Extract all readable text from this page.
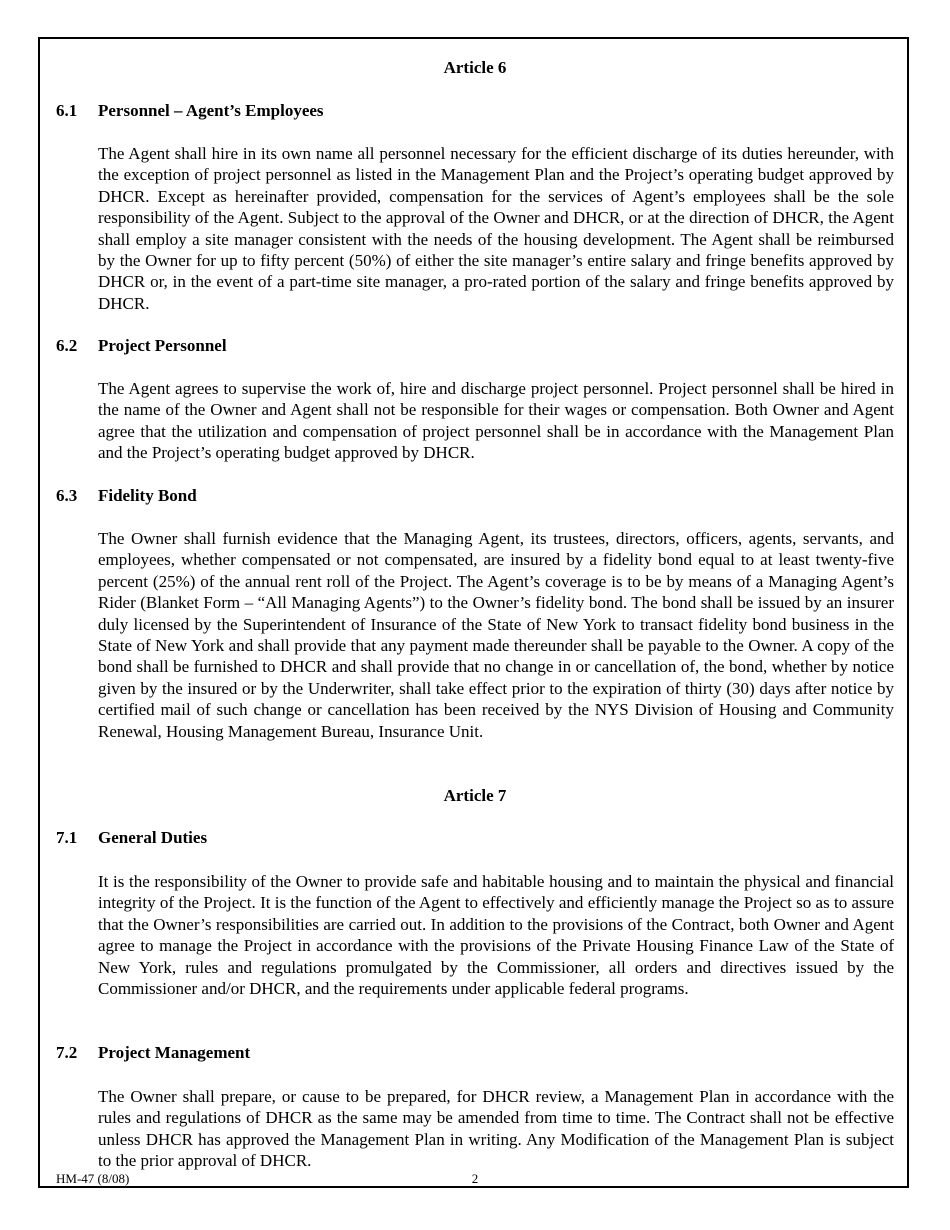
Article 6
6.1 Personnel – Agent’s Employees

The Agent shall hire in its own name all personnel necessary for the efficient discharge of its duties hereunder, with the exception of project personnel as listed in the Management Plan and the Project’s operating budget approved by DHCR. Except as hereinafter provided, compensation for the services of Agent’s employees shall be the sole responsibility of the Agent. Subject to the approval of the Owner and DHCR, or at the direction of DHCR, the Agent shall employ a site manager consistent with the needs of the housing development. The Agent shall be reimbursed by the Owner for up to fifty percent (50%) of either the site manager’s entire salary and fringe benefits approved by DHCR or, in the event of a part-time site manager, a pro-rated portion of the salary and fringe benefits approved by DHCR.

6.2 Project Personnel

The Agent agrees to supervise the work of, hire and discharge project personnel. Project personnel shall be hired in the name of the Owner and Agent shall not be responsible for their wages or compensation. Both Owner and Agent agree that the utilization and compensation of project personnel shall be in accordance with the Management Plan and the Project’s operating budget approved by DHCR.

6.3 Fidelity Bond

The Owner shall furnish evidence that the Managing Agent, its trustees, directors, officers, agents, servants, and employees, whether compensated or not compensated, are insured by a fidelity bond equal to at least twenty-five percent (25%) of the annual rent roll of the Project. The Agent’s coverage is to be by means of a Managing Agent’s Rider (Blanket Form – “All Managing Agents”) to the Owner’s fidelity bond. The bond shall be issued by an insurer duly licensed by the Superintendent of Insurance of the State of New York to transact fidelity bond business in the State of New York and shall provide that any payment made thereunder shall be payable to the Owner. A copy of the bond shall be furnished to DHCR and shall provide that no change in or cancellation of, the bond, whether by notice given by the insured or by the Underwriter, shall take effect prior to the expiration of thirty (30) days after notice by certified mail of such change or cancellation has been received by the NYS Division of Housing and Community Renewal, Housing Management Bureau, Insurance Unit.

Article 7
7.1 General Duties

It is the responsibility of the Owner to provide safe and habitable housing and to maintain the physical and financial integrity of the Project. It is the function of the Agent to effectively and efficiently manage the Project so as to assure that the Owner’s responsibilities are carried out. In addition to the provisions of the Contract, both Owner and Agent agree to manage the Project in accordance with the provisions of the Private Housing Finance Law of the State of New York, rules and regulations promulgated by the Commissioner, all orders and directives issued by the Commissioner and/or DHCR, and the requirements under applicable federal programs.

7.2 Project Management

The Owner shall prepare, or cause to be prepared, for DHCR review, a Management Plan in accordance with the rules and regulations of DHCR as the same may be amended from time to time. The Contract shall not be effective unless DHCR has approved the Management Plan in writing. Any Modification of the Management Plan is subject to the prior approval of DHCR.

HM-47 (8/08)	2
